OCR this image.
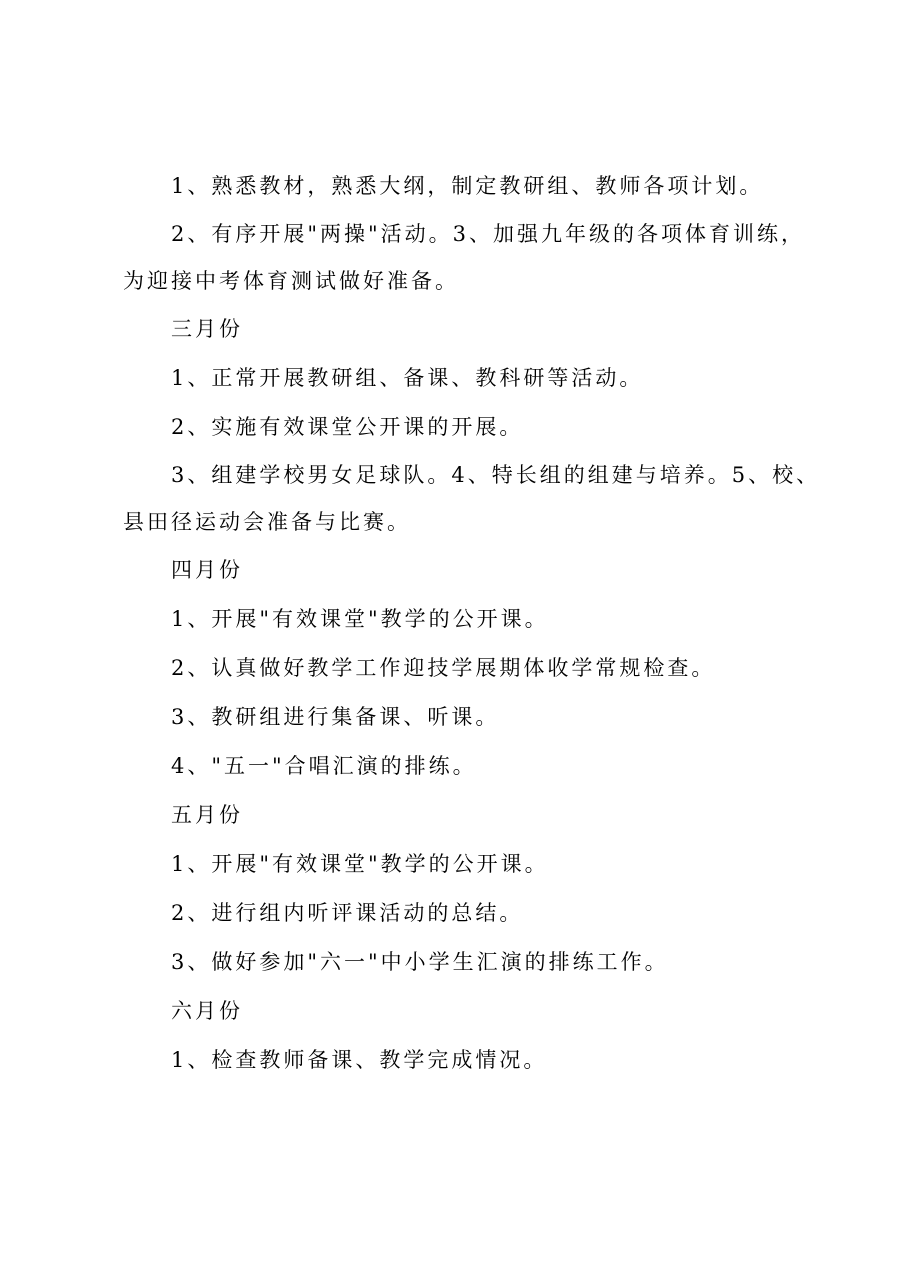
1、熟悉教材，熟悉大纲，制定教研组、教师各项计划。

2、有序开展"两操"活动。3、加强九年级的各项体育训练，为迎接中考体育测试做好准备。

三月份

1、正常开展教研组、备课、教科研等活动。

2、实施有效课堂公开课的开展。

3、组建学校男女足球队。4、特长组的组建与培养。5、校、县田径运动会准备与比赛。

四月份

1、开展"有效课堂"教学的公开课。

2、认真做好教学工作迎技学展期体收学常规检查。

3、教研组进行集备课、听课。

4、"五一"合唱汇演的排练。

五月份

1、开展"有效课堂"教学的公开课。

2、进行组内听评课活动的总结。

3、做好参加"六一"中小学生汇演的排练工作。

六月份

1、检查教师备课、教学完成情况。
